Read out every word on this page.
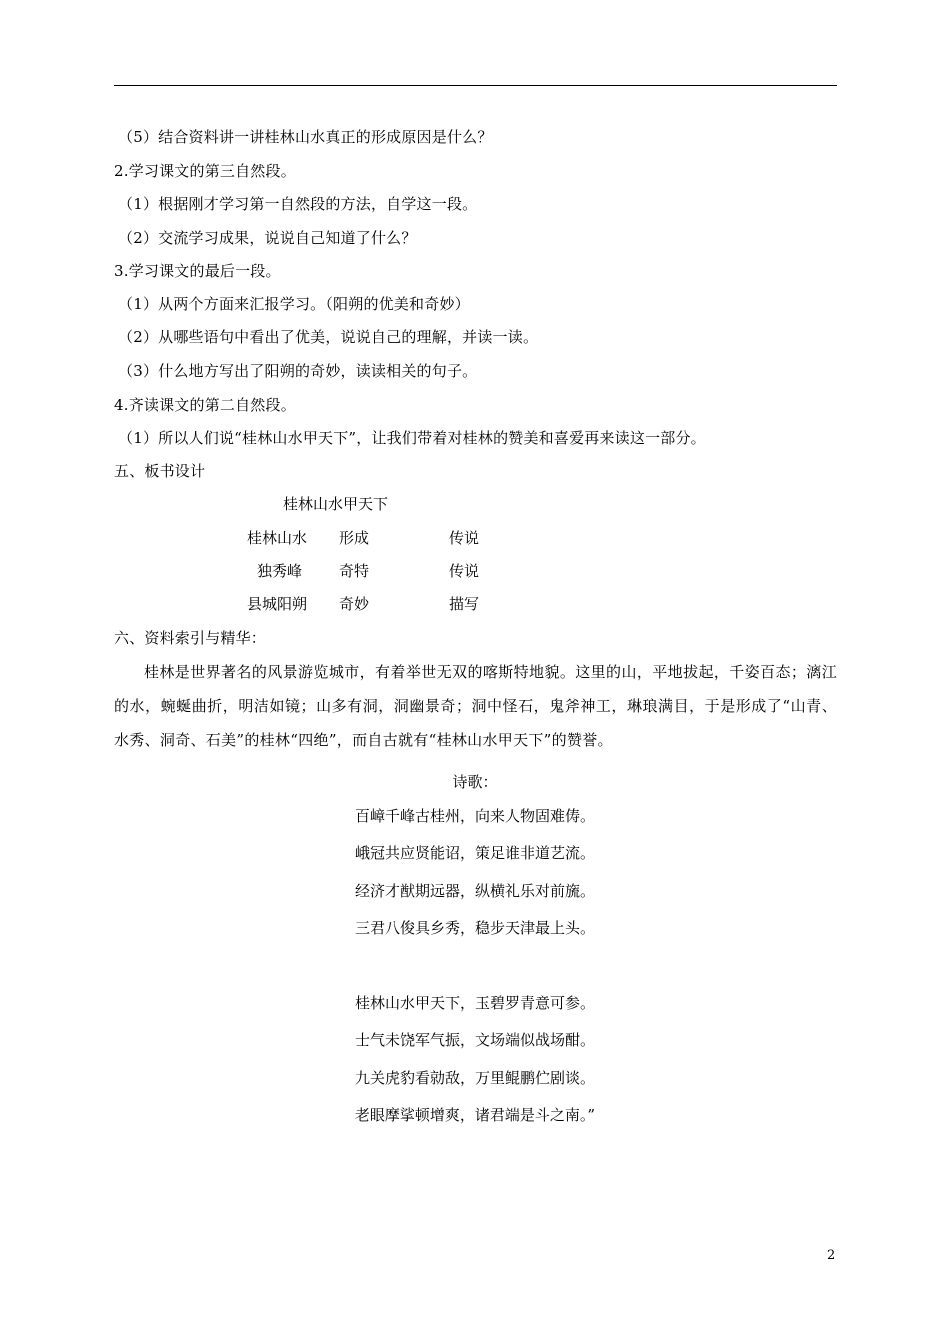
（5）结合资料讲一讲桂林山水真正的形成原因是什么？
2.学习课文的第三自然段。
（1）根据刚才学习第一自然段的方法，自学这一段。
（2）交流学习成果，说说自己知道了什么？
3.学习课文的最后一段。
（1）从两个方面来汇报学习。（阳朔的优美和奇妙）
（2）从哪些语句中看出了优美，说说自己的理解，并读一读。
（3）什么地方写出了阳朔的奇妙，读读相关的句子。
4.齐读课文的第二自然段。
（1）所以人们说“桂林山水甲天下”，让我们带着对桂林的赞美和喜爱再来读这一部分。
五、板书设计
桂林山水甲天下
桂林山水 形成	传说
独秀峰 奇特	传说
县城阳朔 奇妙	描写
六、资料索引与精华：
桂林是世界著名的风景游览城市，有着举世无双的喀斯特地貌。这里的山，平地拔起，千姿百态；漓江的水，蜿蜒曲折，明洁如镜；山多有洞，洞幽景奇；洞中怪石，鬼斧神工，琳琅满目，于是形成了“山青、水秀、洞奇、石美”的桂林“四绝”，而自古就有“桂林山水甲天下”的赞誉。
诗歌：
百嶂千峰古桂州，向来人物固难俦。
峨冠共应贤能诏，策足谁非道艺流。
经济才猷期远器，纵横礼乐对前旒。
三君八俊具乡秀，稳步天津最上头。
桂林山水甲天下，玉碧罗青意可参。
士气未饶军气振，文场端似战场酣。
九关虎豹看勍敌，万里鲲鹏伫剧谈。
老眼摩挲顿增爽，诸君端是斗之南。”
2
